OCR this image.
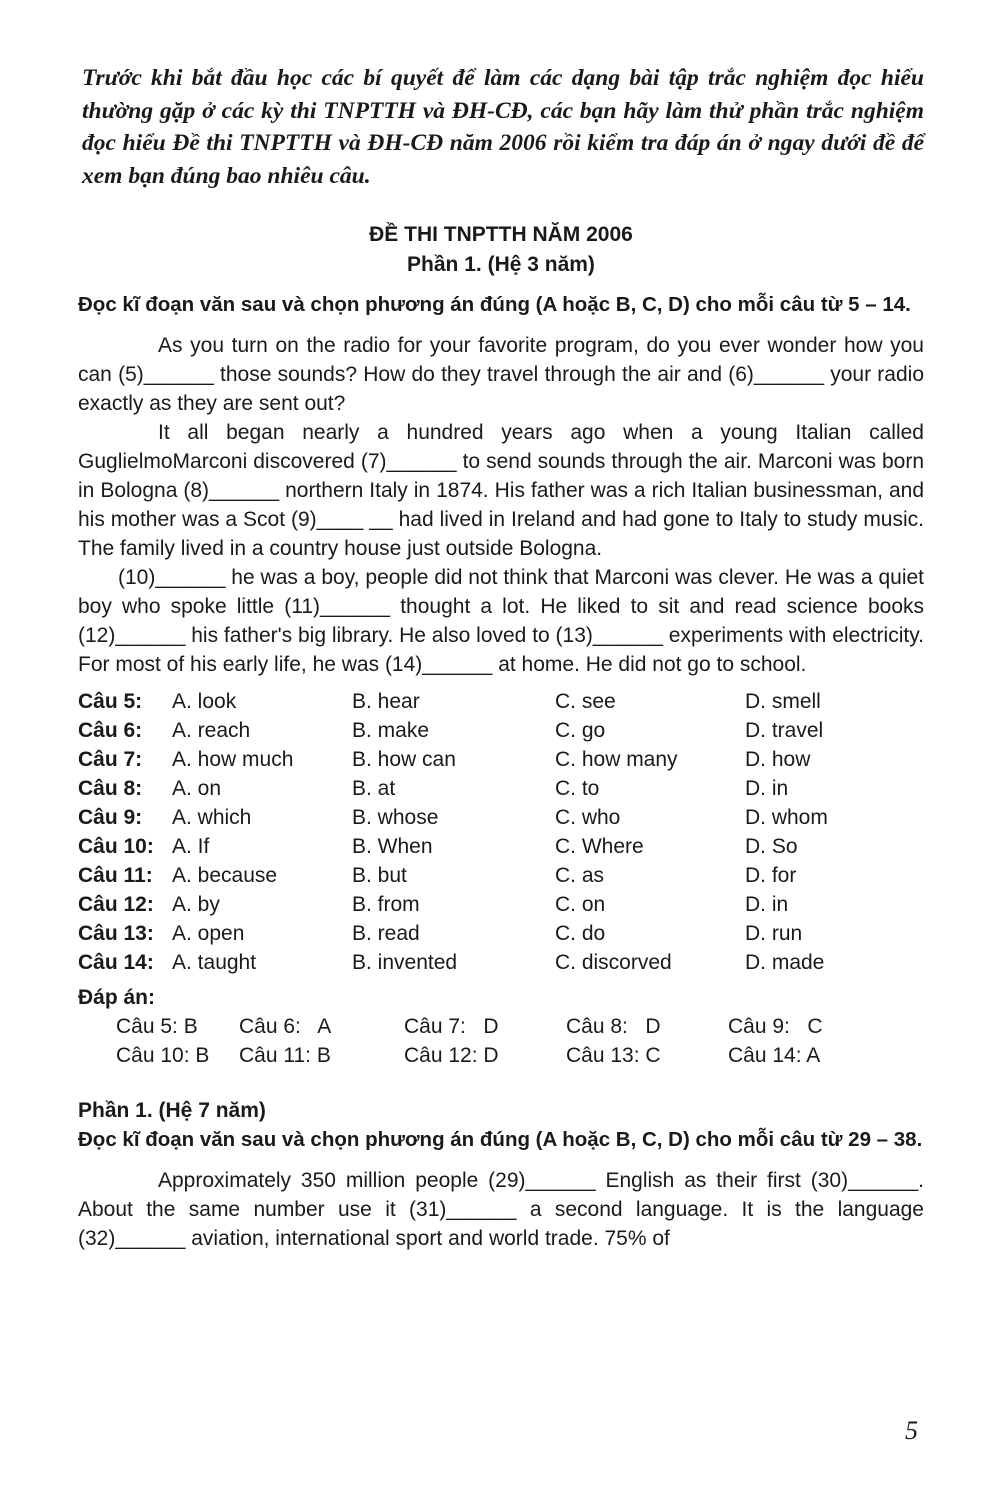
Trước khi bắt đầu học các bí quyết để làm các dạng bài tập trắc nghiệm đọc hiểu thường gặp ở các kỳ thi TNPTTH và ĐH-CĐ, các bạn hãy làm thử phần trắc nghiệm đọc hiểu Đề thi TNPTTH và ĐH-CĐ năm 2006 rồi kiểm tra đáp án ở ngay dưới đề để xem bạn đúng bao nhiêu câu.

ĐỀ THI TNPTTH NĂM 2006

Phần 1. (Hệ 3 năm)

Đọc kĩ đoạn văn sau và chọn phương án đúng (A hoặc B, C, D) cho mỗi câu từ 5 – 14.

As you turn on the radio for your favorite program, do you ever wonder how you can (5)______ those sounds? How do they travel through the air and (6)______ your radio exactly as they are sent out?

It all began nearly a hundred years ago when a young Italian called GuglielmoMarconi discovered (7)______ to send sounds through the air. Marconi was born in Bologna (8)______ northern Italy in 1874. His father was a rich Italian businessman, and his mother was a Scot (9)____ __ had lived in Ireland and had gone to Italy to study music. The family lived in a country house just outside Bologna.

(10)______ he was a boy, people did not think that Marconi was clever. He was a quiet boy who spoke little (11)______ thought a lot. He liked to sit and read science books (12)______ his father's big library. He also loved to (13)______ experiments with electricity. For most of his early life, he was (14)______ at home. He did not go to school.

Câu 5:	A. look	B. hear	C. see	D. smell
Câu 6:	A. reach	B. make	C. go	D. travel
Câu 7:	A. how much	B. how can	C. how many	D. how
Câu 8:	A. on	B. at	C. to	D. in
Câu 9:	A. which	B. whose	C. who	D. whom
Câu 10:	A. If	B. When	C. Where	D. So
Câu 11:	A. because	B. but	C. as	D. for
Câu 12:	A. by	B. from	C. on	D. in
Câu 13:	A. open	B. read	C. do	D. run
Câu 14:	A. taught	B. invented	C. discorved	D. made

Đáp án:

Câu 5: B	Câu 6:   A	Câu 7:   D	Câu 8:   D	Câu 9:   C
Câu 10: B	Câu 11: B	Câu 12: D	Câu 13: C	Câu 14: A

Phần 1. (Hệ 7 năm)

Đọc kĩ đoạn văn sau và chọn phương án đúng (A hoặc B, C, D) cho mỗi câu từ 29 – 38.

Approximately 350 million people (29)______ English as their first (30)______. About the same number use it (31)______ a second language. It is the language (32)______ aviation, international sport and world trade. 75% of

5
